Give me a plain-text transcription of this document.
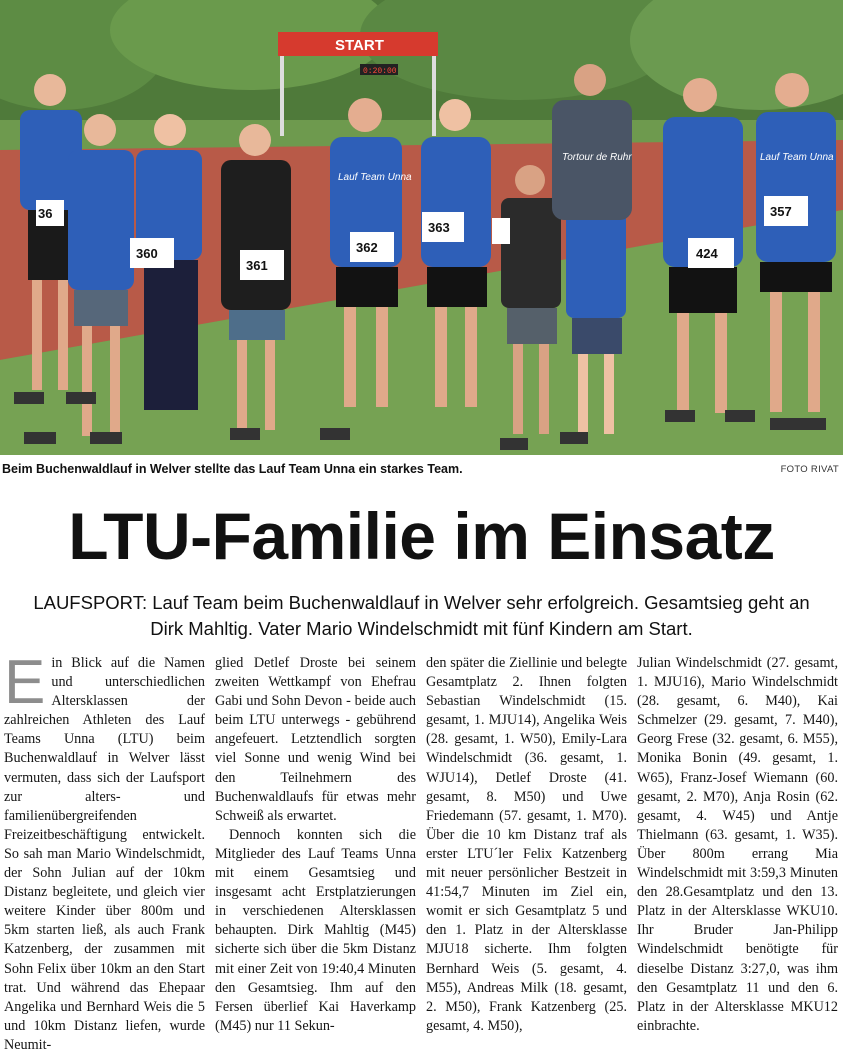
START
0:20:00
360
361
362
363
424
357
36
Lauf Team Unna
Lauf Team Unna
Tortour de Ruhr
Beim Buchenwaldlauf in Welver stellte das Lauf Team Unna ein starkes Team.	FOTO RIVAT
LTU-Familie im Einsatz
LAUFSPORT: Lauf Team beim Buchenwaldlauf in Welver sehr erfolgreich. Gesamtsieg geht an Dirk Mahltig. Vater Mario Windelschmidt mit fünf Kindern am Start.

Ein Blick auf die Namen und unterschiedlichen Altersklassen der zahlreichen Athleten des Lauf Teams Unna (LTU) beim Buchenwaldlauf in Welver lässt vermuten, dass sich der Laufsport zur alters- und familienübergreifenden Freizeitbeschäftigung entwickelt. So sah man Mario Windelschmidt, der Sohn Julian auf der 10km Distanz begleitete, und gleich vier weitere Kinder über 800m und 5km starten ließ, als auch Frank Katzenberg, der zusammen mit Sohn Felix über 10km an den Start trat. Und während das Ehepaar Angelika und Bernhard Weis die 5 und 10km Distanz liefen, wurde Neumit-

glied Detlef Droste bei seinem zweiten Wettkampf von Ehefrau Gabi und Sohn Devon - beide auch beim LTU unterwegs - gebührend angefeuert. Letztendlich sorgten viel Sonne und wenig Wind bei den Teilnehmern des Buchenwaldlaufs für etwas mehr Schweiß als erwartet.

Dennoch konnten sich die Mitglieder des Lauf Teams Unna mit einem Gesamtsieg und insgesamt acht Erstplatzierungen in verschiedenen Altersklassen behaupten. Dirk Mahltig (M45) sicherte sich über die 5km Distanz mit einer Zeit von 19:40,4 Minuten den Gesamtsieg. Ihm auf den Fersen überlief Kai Haverkamp (M45) nur 11 Sekun-

den später die Ziellinie und belegte Gesamtplatz 2. Ihnen folgten Sebastian Windelschmidt (15. gesamt, 1. MJU14), Angelika Weis (28. gesamt, 1. W50), Emily-Lara Windelschmidt (36. gesamt, 1. WJU14), Detlef Droste (41. gesamt, 8. M50) und Uwe Friedemann (57. gesamt, 1. M70). Über die 10 km Distanz traf als erster LTU´ler Felix Katzenberg mit neuer persönlicher Bestzeit in 41:54,7 Minuten im Ziel ein, womit er sich Gesamtplatz 5 und den 1. Platz in der Altersklasse MJU18 sicherte. Ihm folgten Bernhard Weis (5. gesamt, 4. M55), Andreas Milk (18. gesamt, 2. M50), Frank Katzenberg (25. gesamt, 4. M50),

Julian Windelschmidt (27. gesamt, 1. MJU16), Mario Windelschmidt (28. gesamt, 6. M40), Kai Schmelzer (29. gesamt, 7. M40), Georg Frese (32. gesamt, 6. M55), Monika Bonin (49. gesamt, 1. W65), Franz-Josef Wiemann (60. gesamt, 2. M70), Anja Rosin (62. gesamt, 4. W45) und Antje Thielmann (63. gesamt, 1. W35). Über 800m errang Mia Windelschmidt mit 3:59,3 Minuten den 28.Gesamtplatz und den 13. Platz in der Altersklasse WKU10. Ihr Bruder Jan-Philipp Windelschmidt benötigte für dieselbe Distanz 3:27,0, was ihm den Gesamtplatz 11 und den 6. Platz in der Altersklasse MKU12 einbrachte.
